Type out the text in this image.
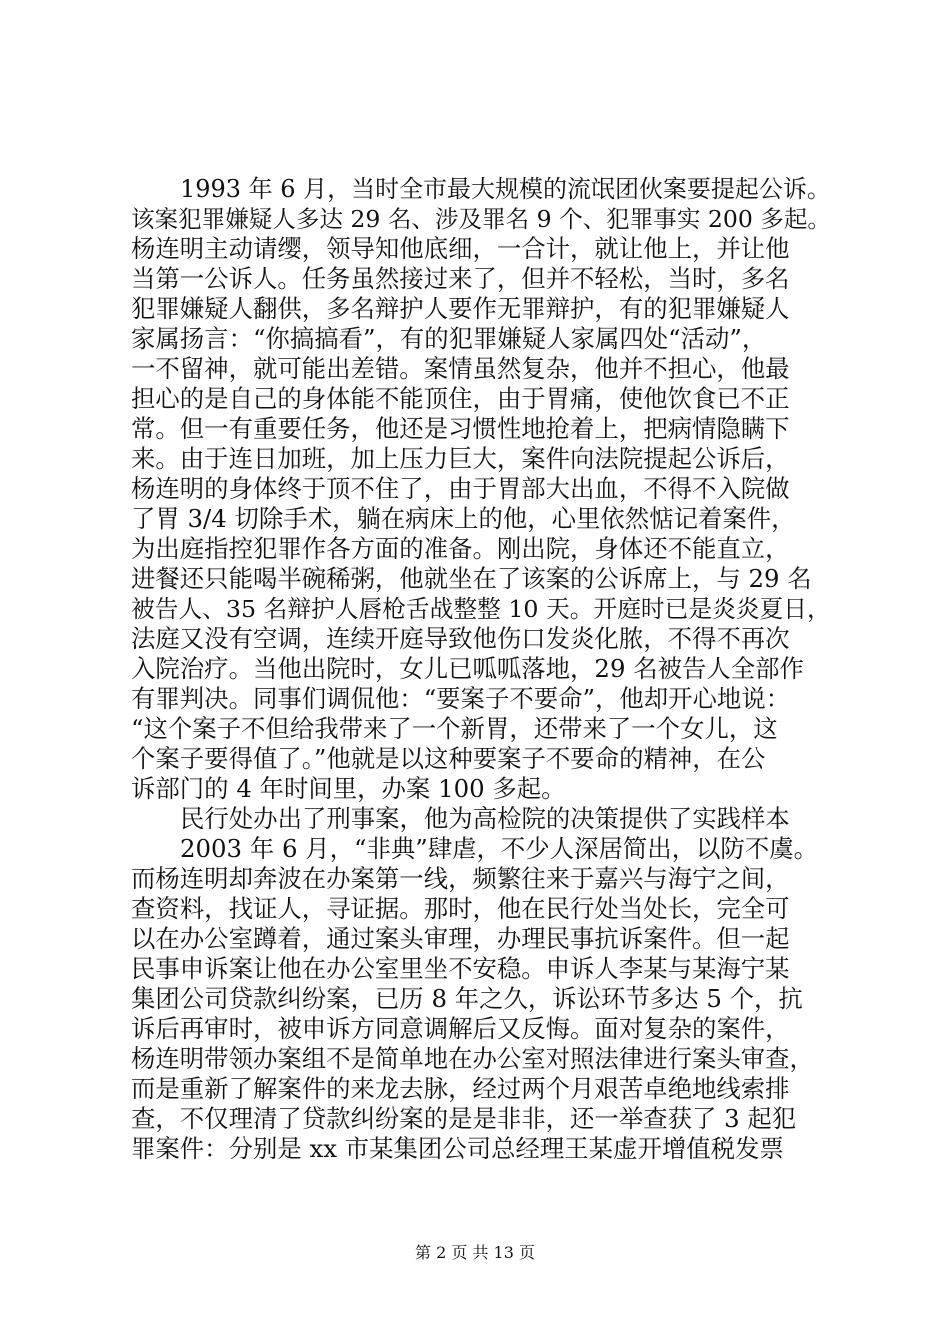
1993 年 6 月，当时全市最大规模的流氓团伙案要提起公诉。
该案犯罪嫌疑人多达 29 名、涉及罪名 9 个、犯罪事实 200 多起。
杨连明主动请缨，领导知他底细，一合计，就让他上，并让他
当第一公诉人。任务虽然接过来了，但并不轻松，当时，多名
犯罪嫌疑人翻供，多名辩护人要作无罪辩护，有的犯罪嫌疑人
家属扬言：“你搞搞看”，有的犯罪嫌疑人家属四处“活动”，
一不留神，就可能出差错。案情虽然复杂，他并不担心，他最
担心的是自己的身体能不能顶住，由于胃痛，使他饮食已不正
常。但一有重要任务，他还是习惯性地抢着上，把病情隐瞒下
来。由于连日加班，加上压力巨大，案件向法院提起公诉后，
杨连明的身体终于顶不住了，由于胃部大出血，不得不入院做
了胃 3/4 切除手术，躺在病床上的他，心里依然惦记着案件，
为出庭指控犯罪作各方面的准备。刚出院，身体还不能直立，
进餐还只能喝半碗稀粥，他就坐在了该案的公诉席上，与 29 名
被告人、35 名辩护人唇枪舌战整整 10 天。开庭时已是炎炎夏日，
法庭又没有空调，连续开庭导致他伤口发炎化脓，不得不再次
入院治疗。当他出院时，女儿已呱呱落地，29 名被告人全部作
有罪判决。同事们调侃他：“要案子不要命”，他却开心地说：
“这个案子不但给我带来了一个新胃，还带来了一个女儿，这
个案子要得值了。”他就是以这种要案子不要命的精神，在公
诉部门的 4 年时间里，办案 100 多起。
民行处办出了刑事案，他为高检院的决策提供了实践样本
2003 年 6 月，“非典”肆虐，不少人深居简出，以防不虞。
而杨连明却奔波在办案第一线，频繁往来于嘉兴与海宁之间，
查资料，找证人，寻证据。那时，他在民行处当处长，完全可
以在办公室蹲着，通过案头审理，办理民事抗诉案件。但一起
民事申诉案让他在办公室里坐不安稳。申诉人李某与某海宁某
集团公司贷款纠纷案，已历 8 年之久，诉讼环节多达 5 个，抗
诉后再审时，被申诉方同意调解后又反悔。面对复杂的案件，
杨连明带领办案组不是简单地在办公室对照法律进行案头审查，
而是重新了解案件的来龙去脉，经过两个月艰苦卓绝地线索排
查，不仅理清了贷款纠纷案的是是非非，还一举查获了 3 起犯
罪案件：分别是 xx 市某集团公司总经理王某虚开增值税发票
第 2 页 共 13 页
